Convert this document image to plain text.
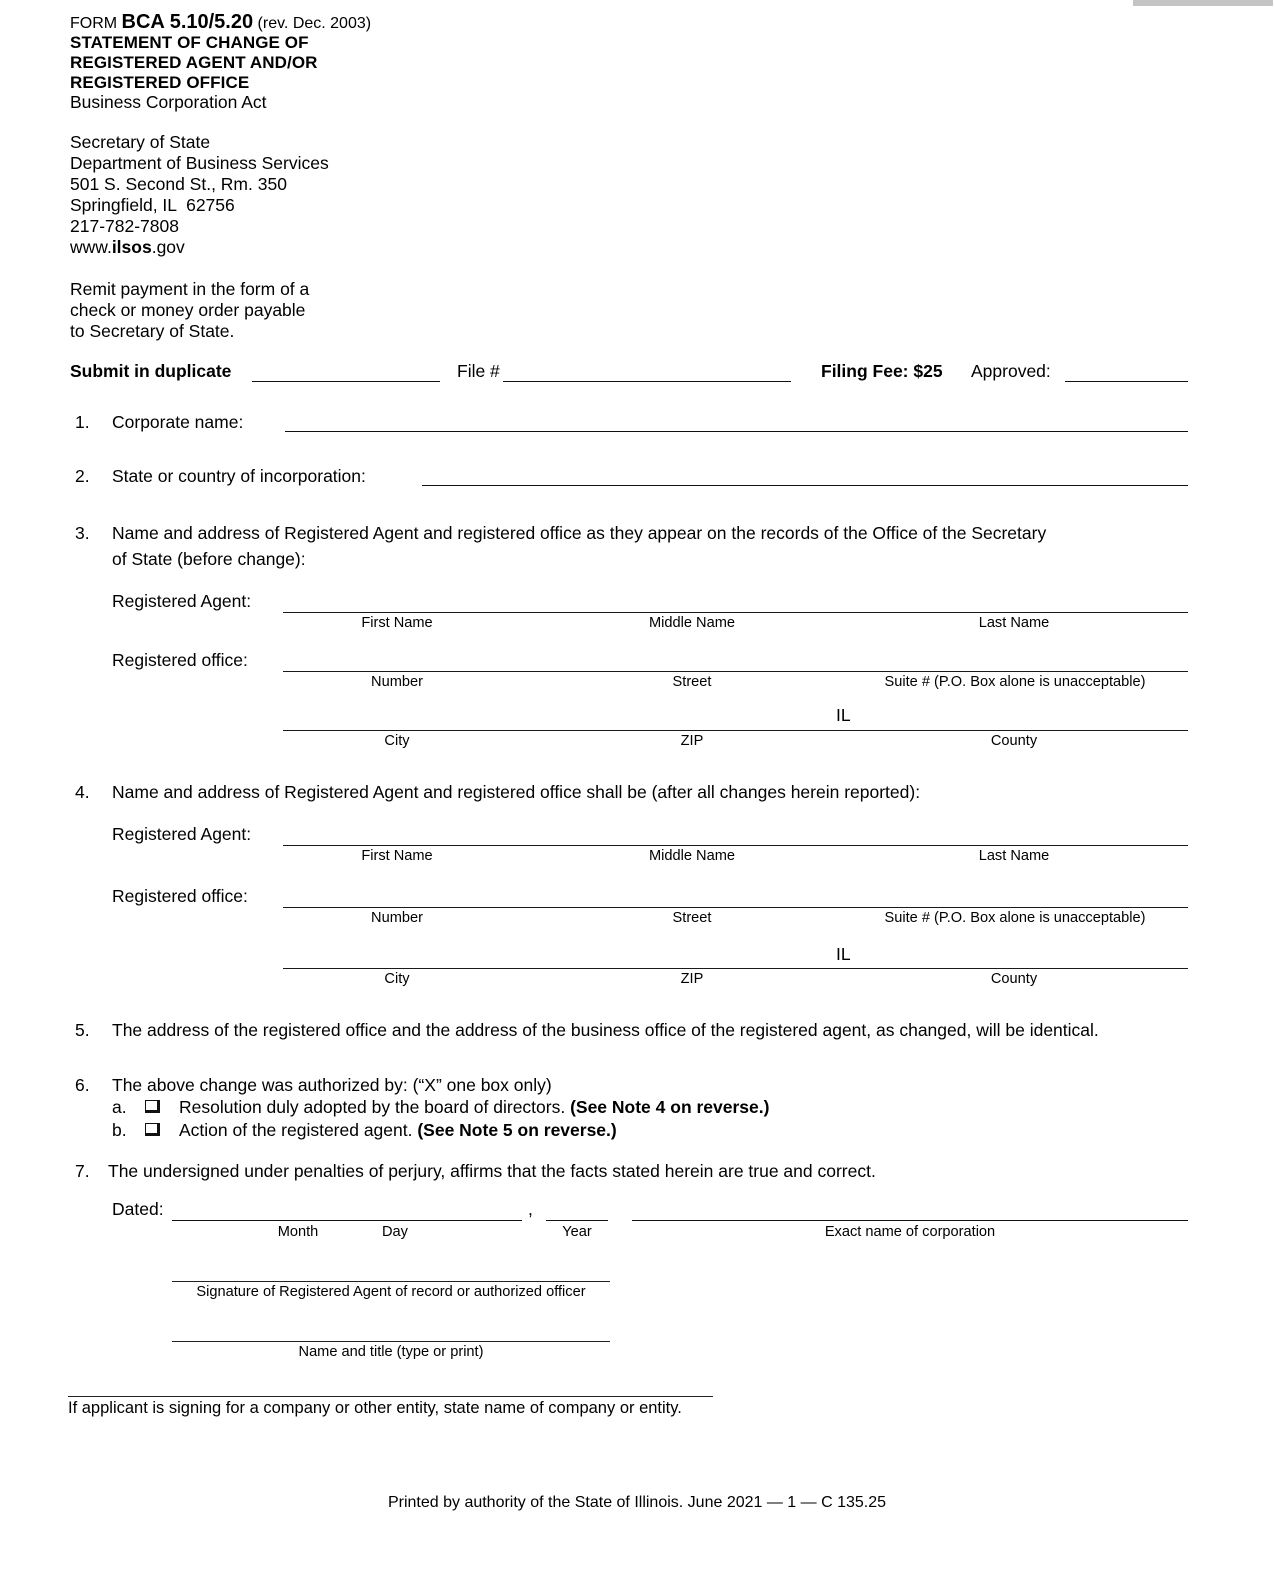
FORM BCA 5.10/5.20 (rev. Dec. 2003)
STATEMENT OF CHANGE OF
REGISTERED AGENT AND/OR
REGISTERED OFFICE
Business Corporation Act
Secretary of State
Department of Business Services
501 S. Second St., Rm. 350
Springfield, IL  62756
217-782-7808
www.ilsos.gov
Remit payment in the form of a
check or money order payable
to Secretary of State.
Submit in duplicate	File #	Filing Fee: $25 Approved:
1. Corporate name:
2. State or country of incorporation:
3. Name and address of Registered Agent and registered office as they appear on the records of the Office of the Secretary
of State (before change):
Registered Agent:
First Name	Middle Name	Last Name
Registered office:
Number	Street	Suite # (P.O. Box alone is unacceptable)
IL
City	ZIP	County
4. Name and address of Registered Agent and registered office shall be (after all changes herein reported):
Registered Agent:
First Name	Middle Name	Last Name
Registered office:
Number	Street	Suite # (P.O. Box alone is unacceptable)
IL
City	ZIP	County
5. The address of the registered office and the address of the business office of the registered agent, as changed, will be identical.
6. The above change was authorized by: (“X” one box only)
a.	Resolution duly adopted by the board of directors. (See Note 4 on reverse.)
b.	Action of the registered agent. (See Note 5 on reverse.)
7. The undersigned under penalties of perjury, affirms that the facts stated herein are true and correct.
Dated:	,
Month	Day	Year	Exact name of corporation
Signature of Registered Agent of record or authorized officer
Name and title (type or print)
If applicant is signing for a company or other entity, state name of company or entity.
Printed by authority of the State of Illinois. June 2021 — 1 — C 135.25
